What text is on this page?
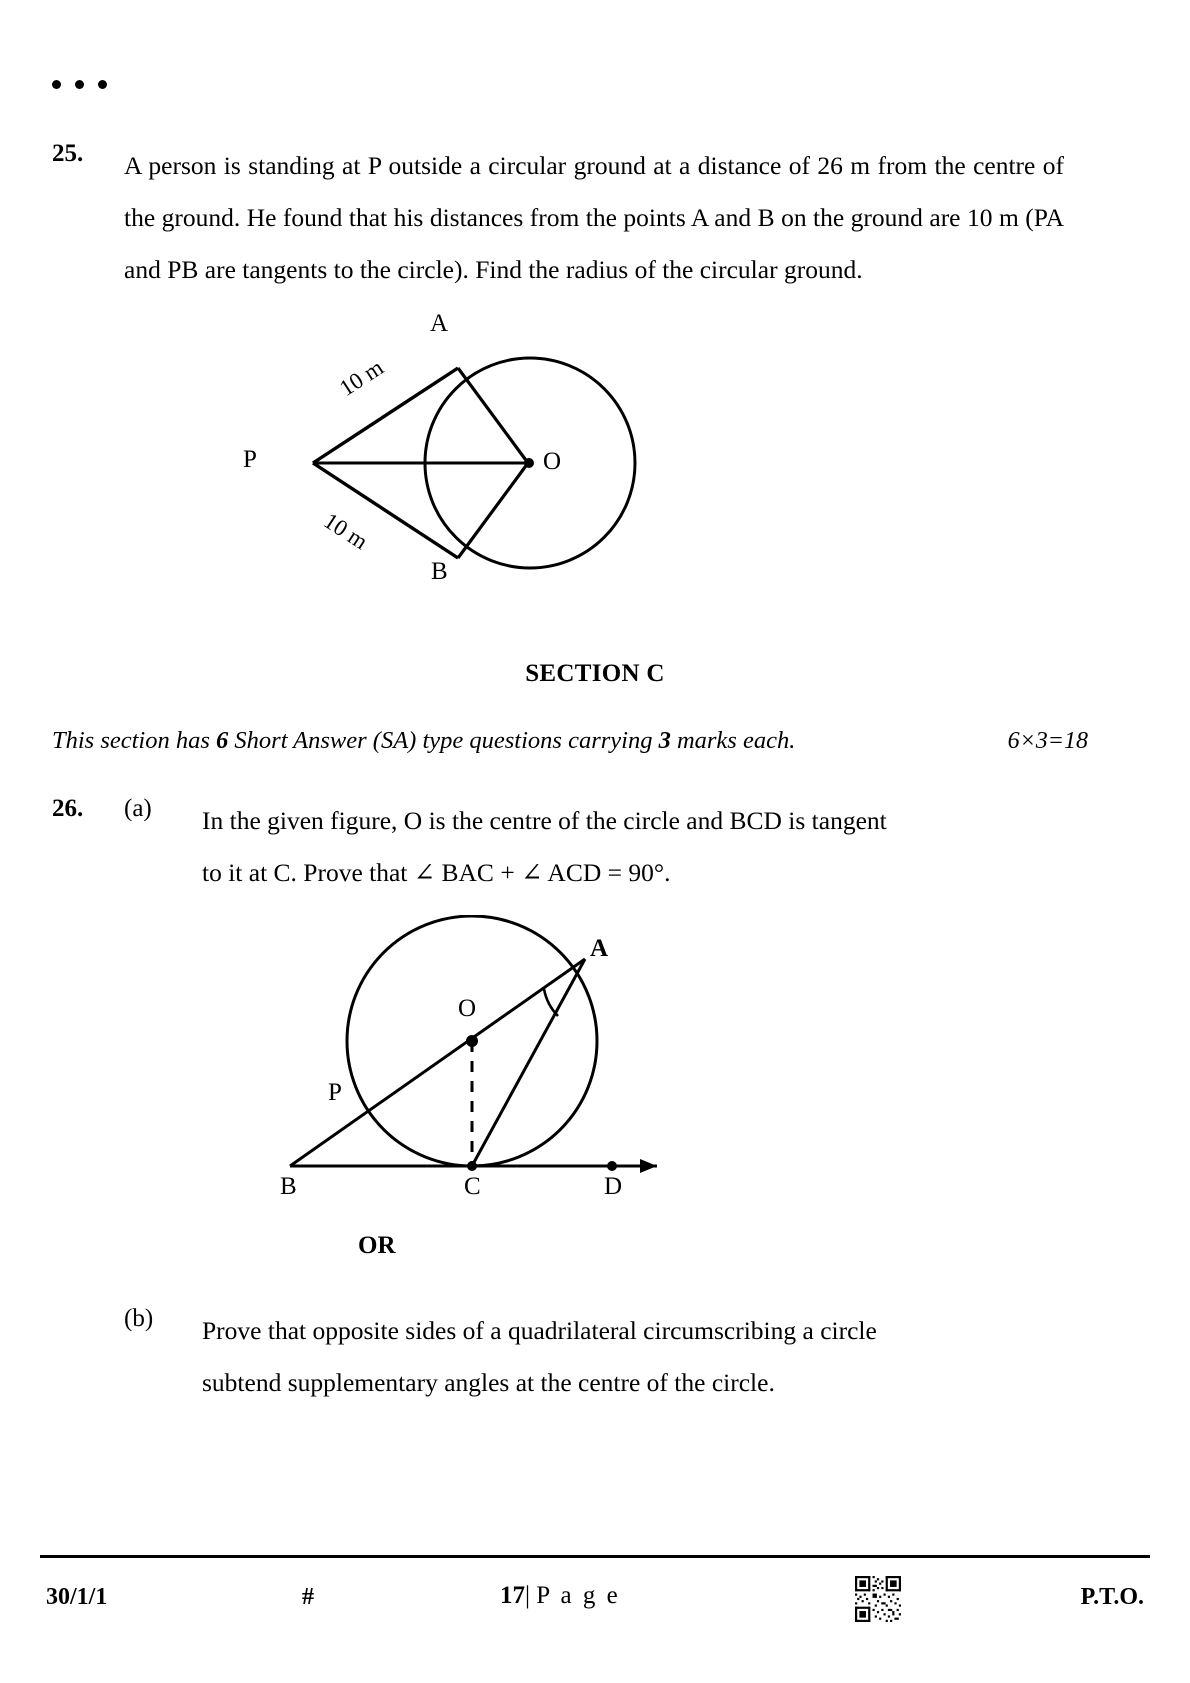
25.	A person is standing at P outside a circular ground at a distance of 26 m from the centre of the ground. He found that his distances from the points A and B on the ground are 10 m (PA and PB are tangents to the circle). Find the radius of the circular ground.
P
A
B
O
10 m
10 m
SECTION C
This section has 6 Short Answer (SA) type questions carrying 3 marks each.	6×3=18
26.	(a)	In the given figure, O is the centre of the circle and BCD is tangent
to it at C. Prove that ∠ BAC + ∠ ACD = 90°.
A
O
P
B	C	D
OR
(b)	Prove that opposite sides of a quadrilateral circumscribing a circle
subtend supplementary angles at the centre of the circle.
30/1/1	#	17| P a g e	P.T.O.
